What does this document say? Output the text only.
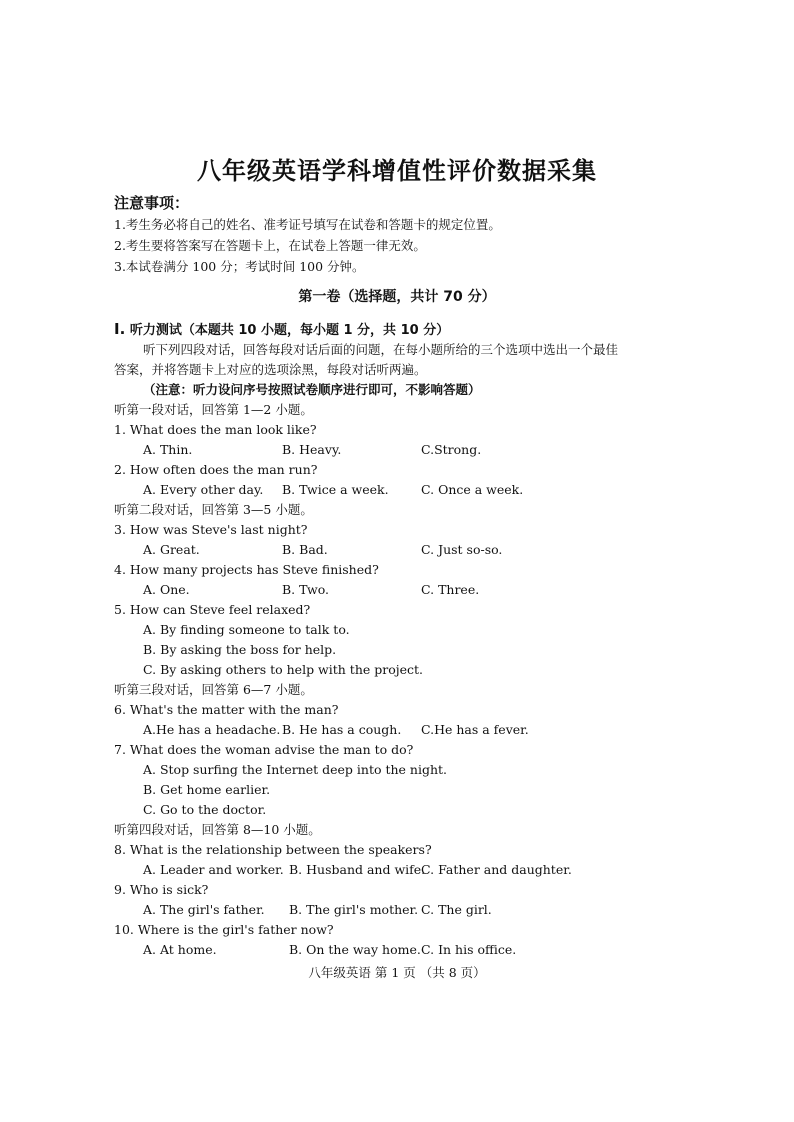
八年级英语学科增值性评价数据采集
注意事项：
1.考生务必将自己的姓名、准考证号填写在试卷和答题卡的规定位置。
2.考生要将答案写在答题卡上，在试卷上答题一律无效。
3.本试卷满分 100 分；考试时间 100 分钟。
第一卷（选择题，共计 70 分）
I. 听力测试（本题共 10 小题，每小题 1 分，共 10 分）
听下列四段对话，回答每段对话后面的问题，在每小题所给的三个选项中选出一个最佳
答案，并将答题卡上对应的选项涂黑，每段对话听两遍。
（注意：听力设问序号按照试卷顺序进行即可，不影响答题）
听第一段对话，回答第 1—2 小题。
1. What does the man look like?
A. Thin.	B. Heavy.	C.Strong.
2. How often does the man run?
A. Every other day. B. Twice a week.	C. Once a week.
听第二段对话，回答第 3—5 小题。
3. How was Steve's last night?
A. Great.	B. Bad.	C. Just so-so.
4. How many projects has Steve finished?
A. One.	B. Two.	C. Three.
5. How can Steve feel relaxed?
A. By finding someone to talk to.
B. By asking the boss for help.
C. By asking others to help with the project.
听第三段对话，回答第 6—7 小题。
6. What's the matter with the man?
A.He has a headache. B. He has a cough. C.He has a fever.
7. What does the woman advise the man to do?
A. Stop surfing the Internet deep into the night.
B. Get home earlier.
C. Go to the doctor.
听第四段对话，回答第 8—10 小题。
8. What is the relationship between the speakers?
A. Leader and worker. B. Husband and wife.
C. Father and daughter.
9. Who is sick?
A. The girl's father. B. The girl's mother. C. The girl.
10. Where is the girl's father now?
A. At home.	B. On the way home. C. In his office.
八年级英语 第 1 页 （共 8 页）
